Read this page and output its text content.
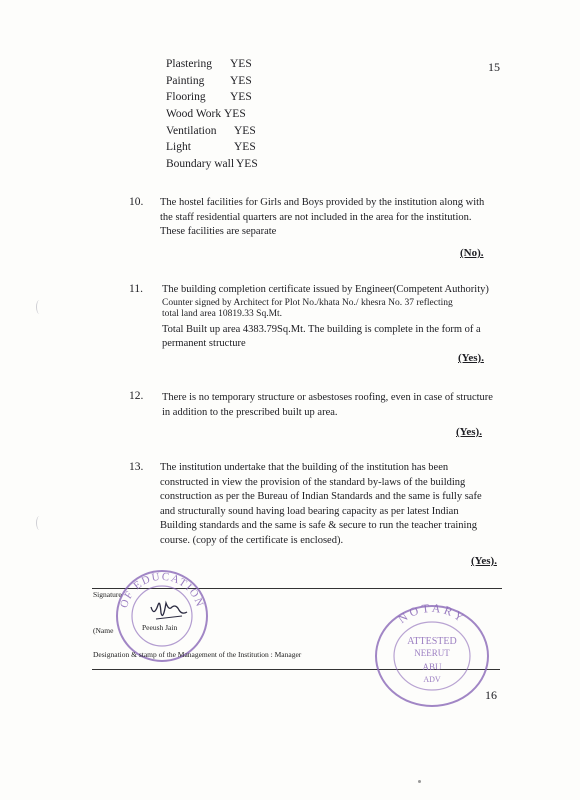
15
Plastering YES
Painting YES
Flooring YES
Wood Work YES
Ventilation YES
Light	YES
Boundary wall YES
10. The hostel facilities for Girls and Boys provided by the institution along with
the staff residential quarters are not included in the area for the institution.
These facilities are separate
(No).
11. The building completion certificate issued by Engineer(Competent Authority)
Counter signed by Architect for Plot No./khata No./ khesra No. 37 reflecting
total land area 10819.33 Sq.Mt.
Total Built up area 4383.79Sq.Mt. The building is complete in the form of a
permanent structure
(Yes).
12. There is no temporary structure or asbestoses roofing, even in case of structure
in addition to the prescribed built up area.
(Yes).
13. The institution undertake that the building of the institution has been
constructed in view the provision of the standard by-laws of the building
construction as per the Bureau of Indian Standards and the same is fully safe
and structurally sound having load bearing capacity as per latest Indian
Building standards and the same is safe & secure to run the teacher training
course. (copy of the certificate is enclosed).
(Yes).
OF EDUCATION
Signature
(Name	Peeush Jain
Designation & stamp of the Management of the Institution : Manager
NOTARY
ATTESTED
NEERUT
ABU
ADV
16
